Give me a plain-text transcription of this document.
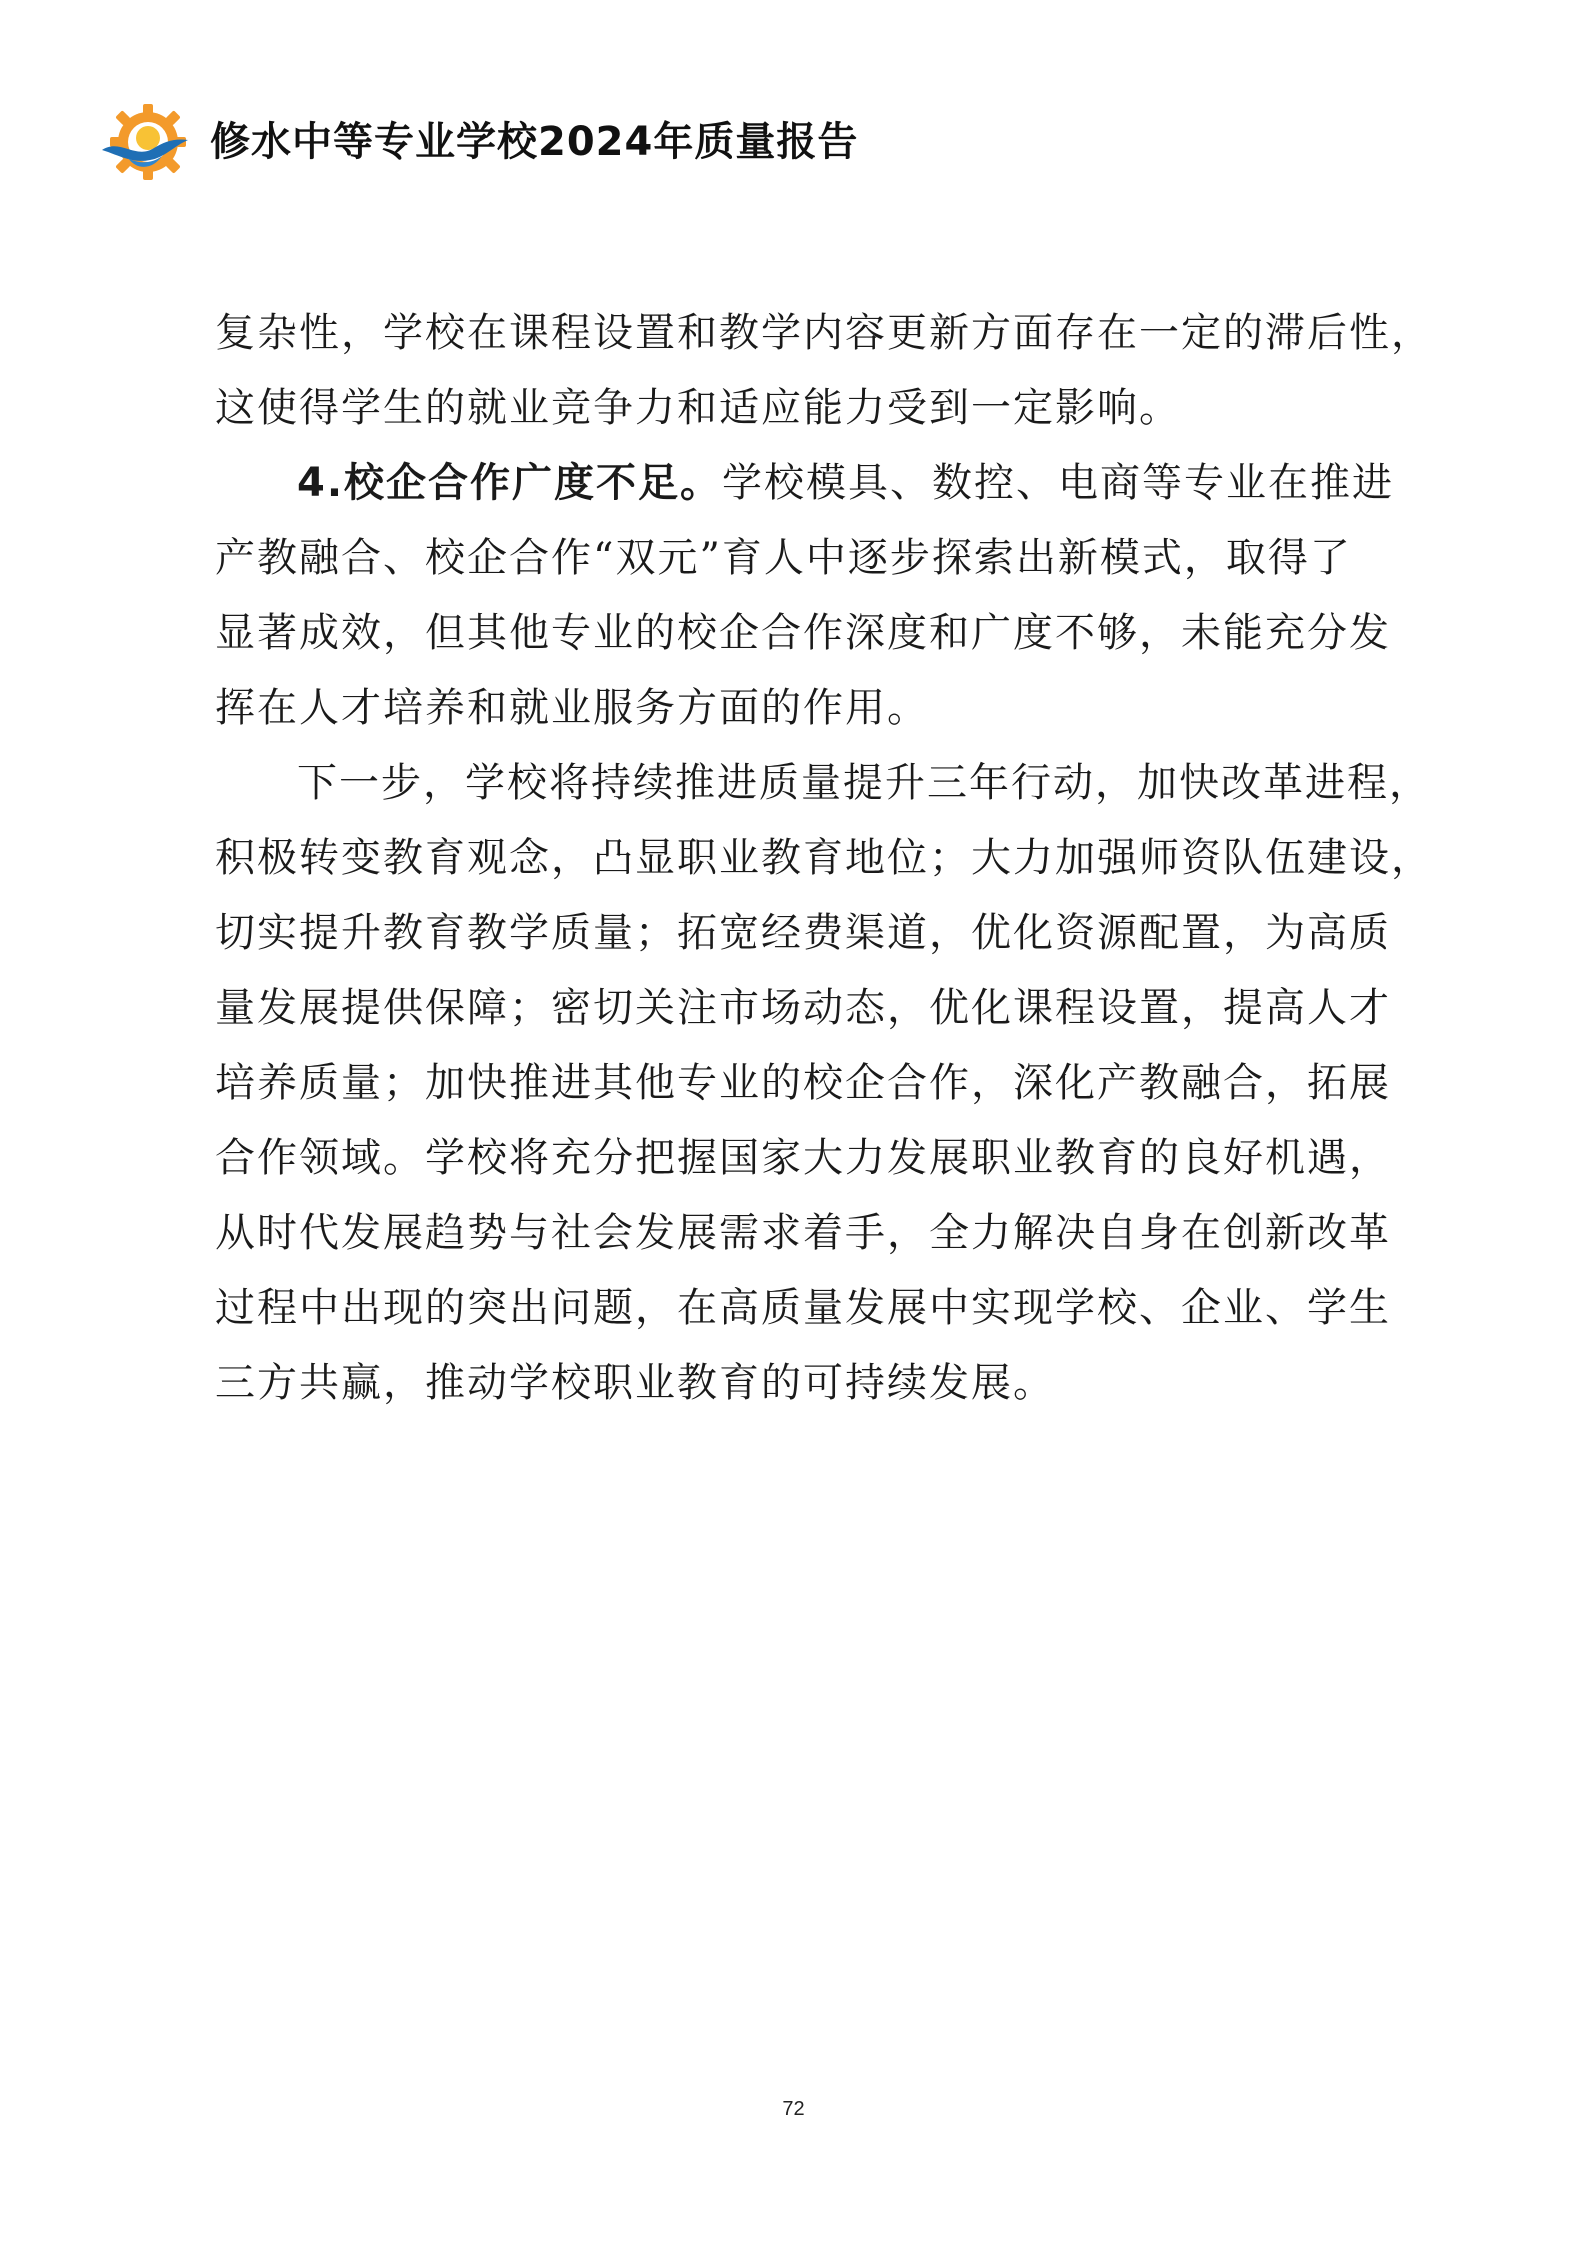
修水中等专业学校2024年质量报告
复杂性，学校在课程设置和教学内容更新方面存在一定的滞后性，
这使得学生的就业竞争力和适应能力受到一定影响。
4.校企合作广度不足。学校模具、数控、电商等专业在推进
产教融合、校企合作“双元”育人中逐步探索出新模式，取得了
显著成效，但其他专业的校企合作深度和广度不够，未能充分发
挥在人才培养和就业服务方面的作用。
下一步，学校将持续推进质量提升三年行动，加快改革进程，
积极转变教育观念，凸显职业教育地位；大力加强师资队伍建设，
切实提升教育教学质量；拓宽经费渠道，优化资源配置，为高质
量发展提供保障；密切关注市场动态，优化课程设置，提高人才
培养质量；加快推进其他专业的校企合作，深化产教融合，拓展
合作领域。学校将充分把握国家大力发展职业教育的良好机遇，
从时代发展趋势与社会发展需求着手，全力解决自身在创新改革
过程中出现的突出问题，在高质量发展中实现学校、企业、学生
三方共赢，推动学校职业教育的可持续发展。
72
